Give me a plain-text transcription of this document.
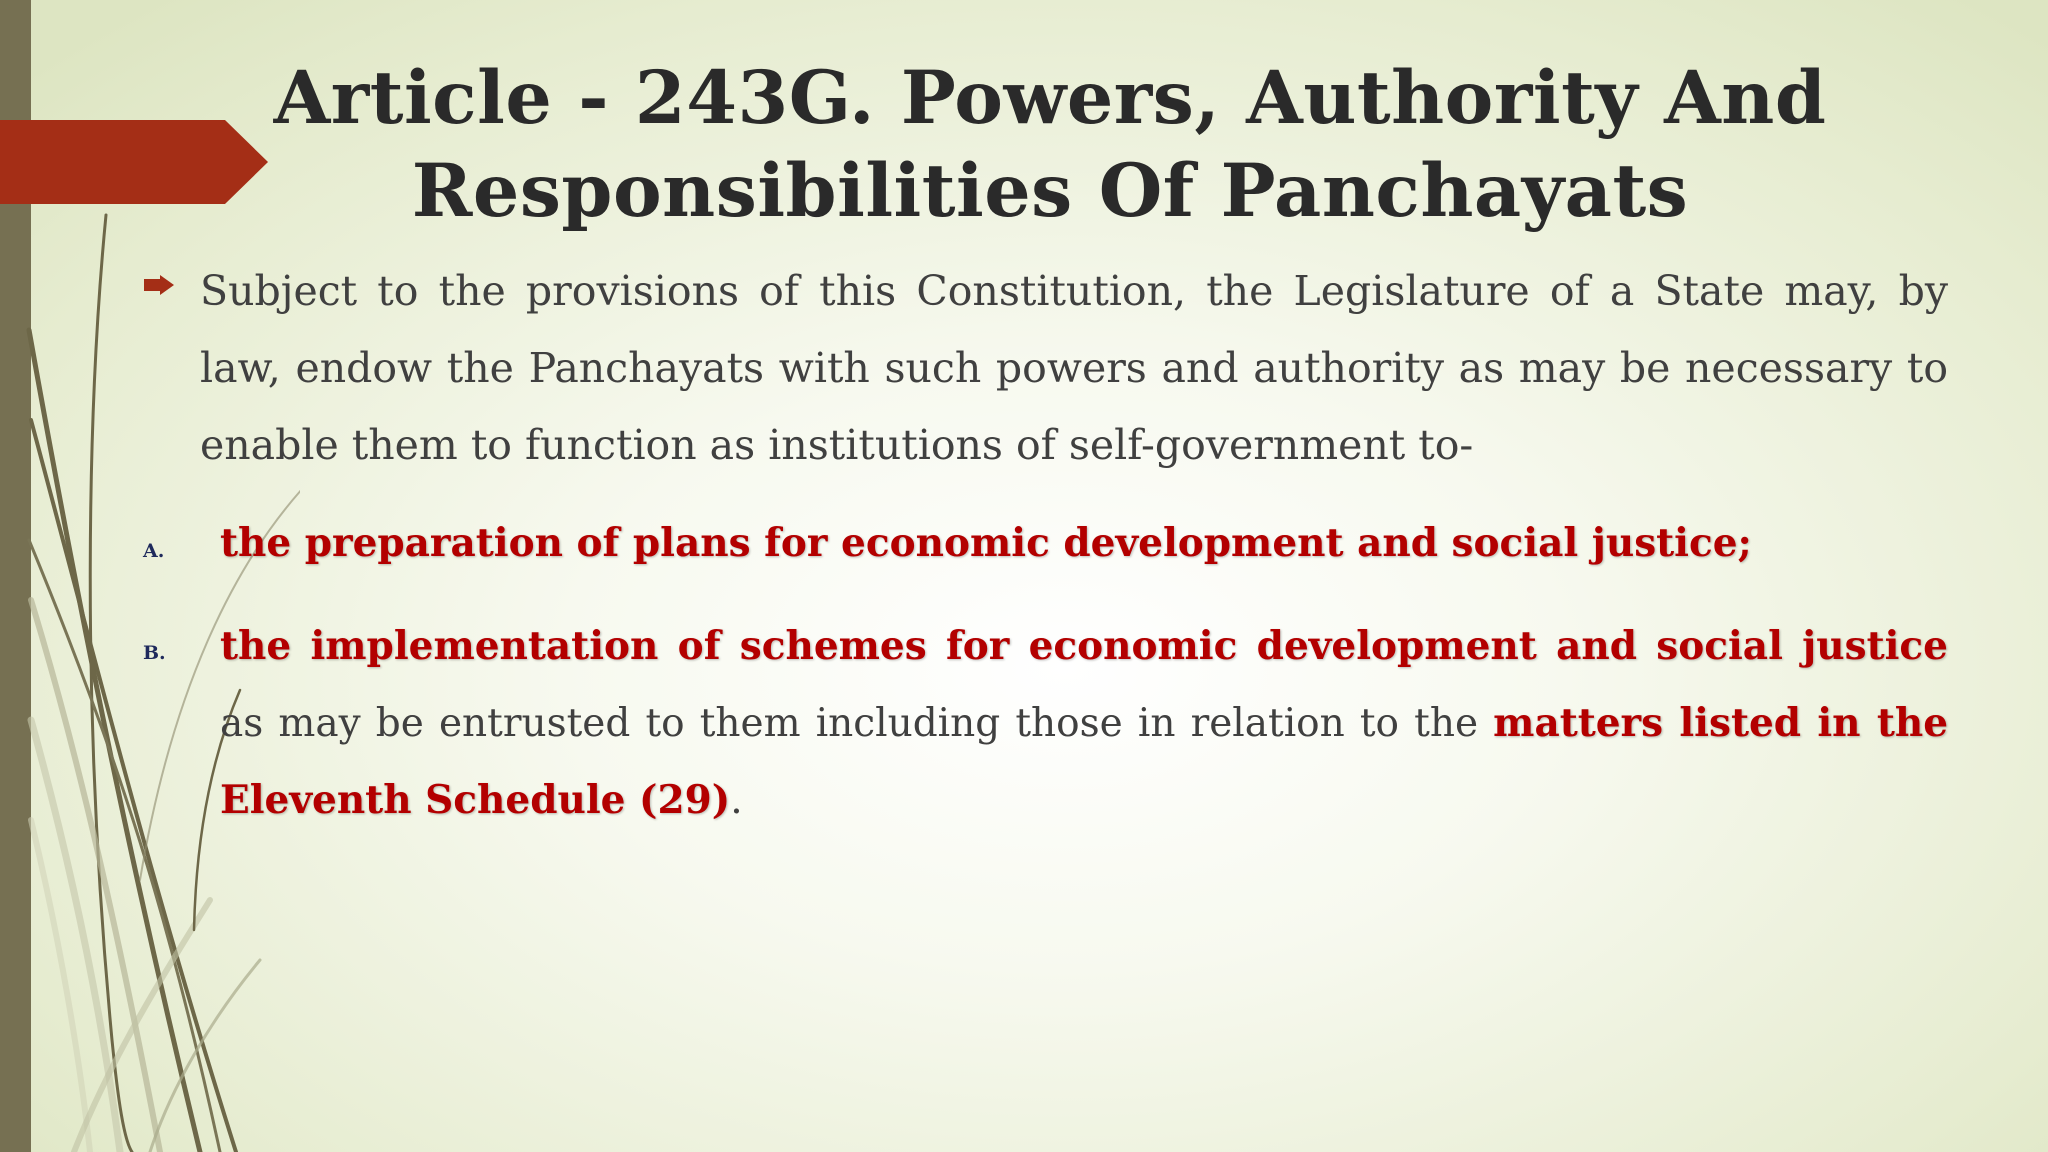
Article - 243G. Powers, Authority And Responsibilities Of Panchayats

Subject to the provisions of this Constitution, the Legislature of a State may, by law, endow the Panchayats with such powers and authority as may be necessary to enable them to function as institutions of self-government to-

A. the preparation of plans for economic development and social justice;

B. the implementation of schemes for economic development and social justice as may be entrusted to them including those in relation to the matters listed in the Eleventh Schedule (29).
